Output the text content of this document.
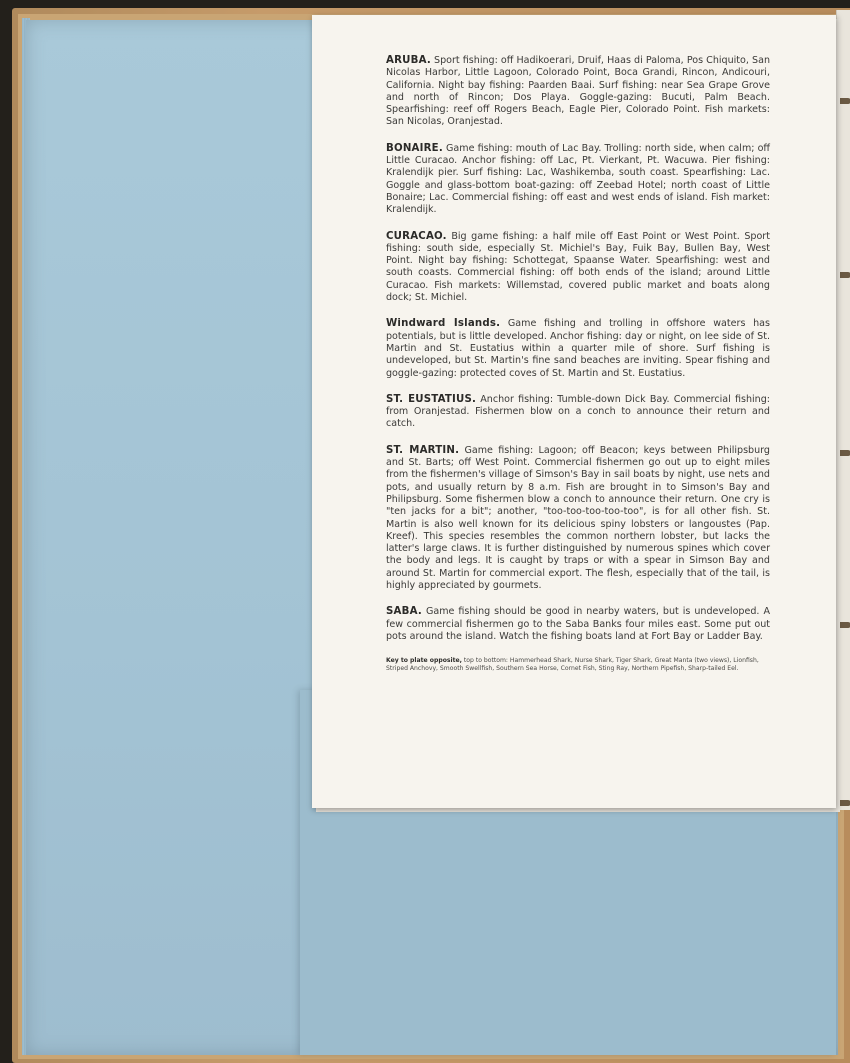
ARUBA. Sport fishing: off Hadikoerari, Druif, Haas di Paloma, Pos Chiquito, San Nicolas Harbor, Little Lagoon, Colorado Point, Boca Grandi, Rincon, Andicouri, California. Night bay fishing: Paarden Baai. Surf fishing: near Sea Grape Grove and north of Rincon; Dos Playa. Goggle-gazing: Bucuti, Palm Beach. Spearfishing: reef off Rogers Beach, Eagle Pier, Colorado Point. Fish markets: San Nicolas, Oranjestad.

BONAIRE. Game fishing: mouth of Lac Bay. Trolling: north side, when calm; off Little Curacao. Anchor fishing: off Lac, Pt. Vierkant, Pt. Wacuwa. Pier fishing: Kralendijk pier. Surf fishing: Lac, Washikemba, south coast. Spearfishing: Lac. Goggle and glass-bottom boat-gazing: off Zeebad Hotel; north coast of Little Bonaire; Lac. Commercial fishing: off east and west ends of island. Fish market: Kralendijk.

CURACAO. Big game fishing: a half mile off East Point or West Point. Sport fishing: south side, especially St. Michiel's Bay, Fuik Bay, Bullen Bay, West Point. Night bay fishing: Schottegat, Spaanse Water. Spearfishing: west and south coasts. Commercial fishing: off both ends of the island; around Little Curacao. Fish markets: Willemstad, covered public market and boats along dock; St. Michiel.

Windward Islands. Game fishing and trolling in offshore waters has potentials, but is little developed. Anchor fishing: day or night, on lee side of St. Martin and St. Eustatius within a quarter mile of shore. Surf fishing is undeveloped, but St. Martin's fine sand beaches are inviting. Spear fishing and goggle-gazing: protected coves of St. Martin and St. Eustatius.

ST. EUSTATIUS. Anchor fishing: Tumble-down Dick Bay. Commercial fishing: from Oranjestad. Fishermen blow on a conch to announce their return and catch.

ST. MARTIN. Game fishing: Lagoon; off Beacon; keys between Philipsburg and St. Barts; off West Point. Commercial fishermen go out up to eight miles from the fishermen's village of Simson's Bay in sail boats by night, use nets and pots, and usually return by 8 a.m. Fish are brought in to Simson's Bay and Philipsburg. Some fishermen blow a conch to announce their return. One cry is "ten jacks for a bit"; another, "too-too-too-too-too", is for all other fish. St. Martin is also well known for its delicious spiny lobsters or langoustes (Pap. Kreef). This species resembles the common northern lobster, but lacks the latter's large claws. It is further distinguished by numerous spines which cover the body and legs. It is caught by traps or with a spear in Simson Bay and around St. Martin for commercial export. The flesh, especially that of the tail, is highly appreciated by gourmets.

SABA. Game fishing should be good in nearby waters, but is undeveloped. A few commercial fishermen go to the Saba Banks four miles east. Some put out pots around the island. Watch the fishing boats land at Fort Bay or Ladder Bay.

Key to plate opposite, top to bottom: Hammerhead Shark, Nurse Shark, Tiger Shark, Great Manta (two views), Lionfish, Striped Anchovy, Smooth Swellfish, Southern Sea Horse, Cornet Fish, Sting Ray, Northern Pipefish, Sharp-tailed Eel.
